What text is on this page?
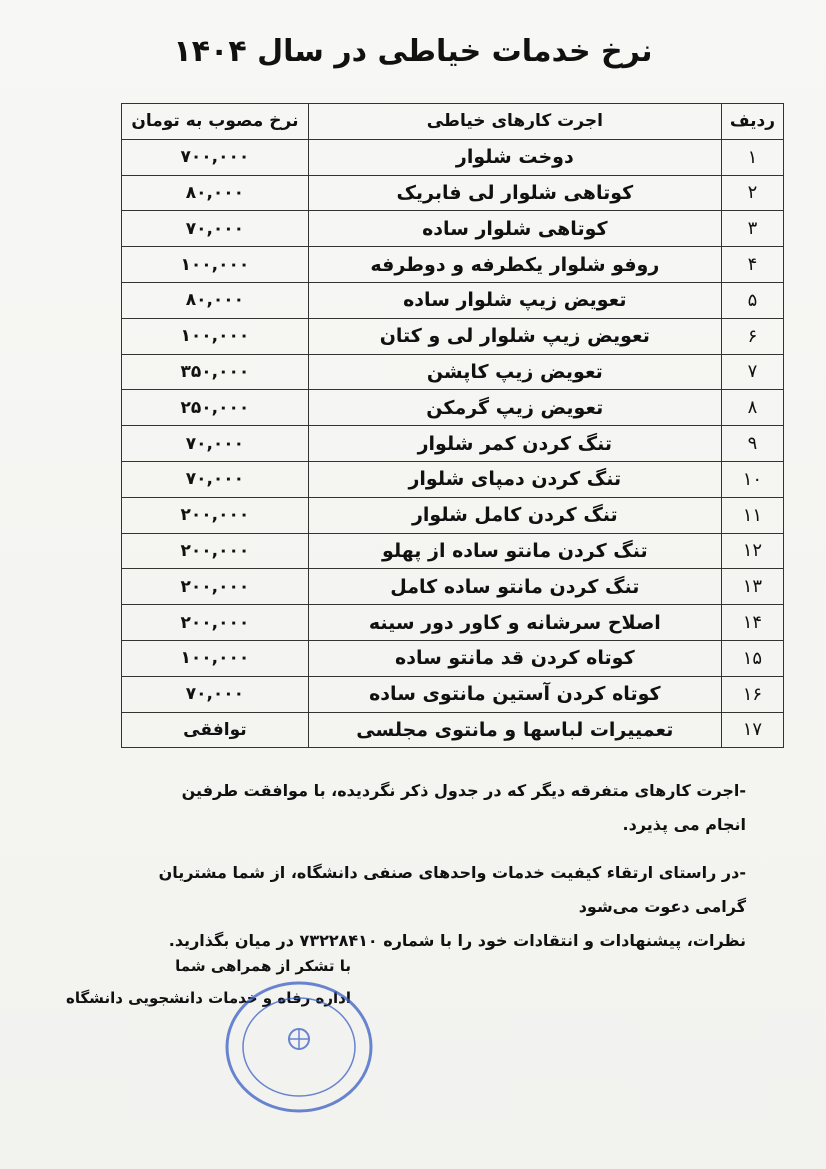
نرخ خدمات خیاطی در سال ۱۴۰۴
ردیف	اجرت کارهای خیاطی	نرخ مصوب به تومان
۱	دوخت شلوار	۷۰۰,۰۰۰
۲	کوتاهی شلوار لی فابریک	۸۰,۰۰۰
۳	کوتاهی شلوار ساده	۷۰,۰۰۰
۴	روفو شلوار یکطرفه و دوطرفه	۱۰۰,۰۰۰
۵	تعویض زیپ شلوار ساده	۸۰,۰۰۰
۶	تعویض زیپ شلوار لی و کتان	۱۰۰,۰۰۰
۷	تعویض زیپ کاپشن	۳۵۰,۰۰۰
۸	تعویض زیپ گرمکن	۲۵۰,۰۰۰
۹	تنگ کردن کمر شلوار	۷۰,۰۰۰
۱۰	تنگ کردن دمپای شلوار	۷۰,۰۰۰
۱۱	تنگ کردن کامل شلوار	۲۰۰,۰۰۰
۱۲	تنگ کردن مانتو ساده از پهلو	۲۰۰,۰۰۰
۱۳	تنگ کردن مانتو ساده کامل	۲۰۰,۰۰۰
۱۴	اصلاح سرشانه و کاور دور سینه	۲۰۰,۰۰۰
۱۵	کوتاه کردن قد مانتو ساده	۱۰۰,۰۰۰
۱۶	کوتاه کردن آستین مانتوی ساده	۷۰,۰۰۰
۱۷	تعمییرات لباسها و مانتوی مجلسی	توافقی

-اجرت کارهای متفرقه دیگر که در جدول ذکر نگردیده، با موافقت طرفین انجام می پذیرد.

-در راستای ارتقاء کیفیت خدمات واحدهای صنفی دانشگاه، از شما مشتریان گرامی دعوت می‌شود
نظرات، پیشنهادات و انتقادات خود را با شماره ۷۳۲۲۸۴۱۰ در میان بگذارید.

با تشکر از همراهی شما
اداره رفاه و خدمات دانشجویی دانشگاه
